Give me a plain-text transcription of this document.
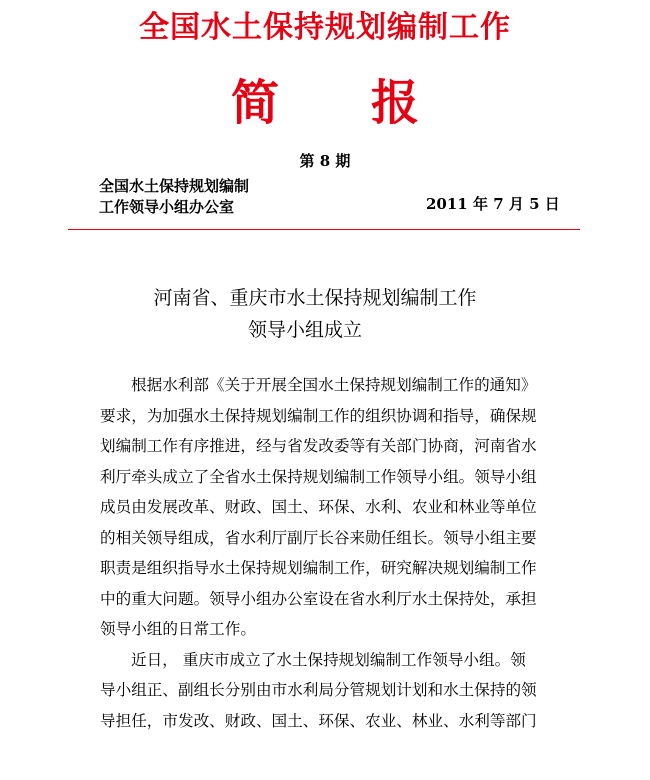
全国水土保持规划编制工作
简 报
第 8 期
全国水土保持规划编制
工作领导小组办公室	2011 年 7 月 5 日
河南省、重庆市水土保持规划编制工作
领导小组成立
根据水利部《关于开展全国水土保持规划编制工作的通知》
要求，为加强水土保持规划编制工作的组织协调和指导，确保规
划编制工作有序推进，经与省发改委等有关部门协商，河南省水
利厅牵头成立了全省水土保持规划编制工作领导小组。领导小组
成员由发展改革、财政、国土、环保、水利、农业和林业等单位
的相关领导组成，省水利厅副厅长谷来勋任组长。领导小组主要
职责是组织指导水土保持规划编制工作，研究解决规划编制工作
中的重大问题。领导小组办公室设在省水利厅水土保持处，承担
领导小组的日常工作。
近日， 重庆市成立了水土保持规划编制工作领导小组。领
导小组正、副组长分别由市水利局分管规划计划和水土保持的领
导担任，市发改、财政、国土、环保、农业、林业、水利等部门
